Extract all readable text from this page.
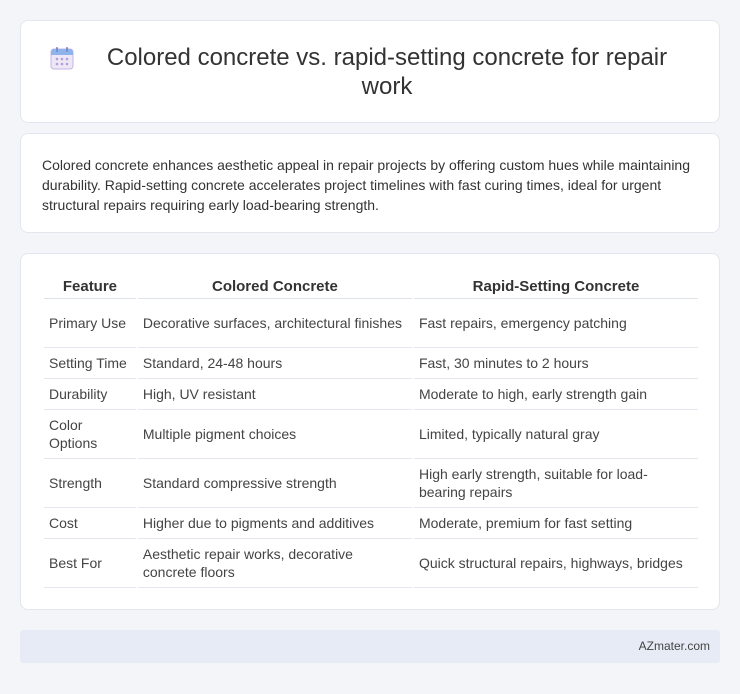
Colored concrete vs. rapid-setting concrete for repair work

Colored concrete enhances aesthetic appeal in repair projects by offering custom hues while maintaining durability. Rapid-setting concrete accelerates project timelines with fast curing times, ideal for urgent structural repairs requiring early load-bearing strength.

Feature	Colored Concrete	Rapid-Setting Concrete
Primary Use	Decorative surfaces, architectural finishes	Fast repairs, emergency patching
Setting Time	Standard, 24-48 hours	Fast, 30 minutes to 2 hours
Durability	High, UV resistant	Moderate to high, early strength gain
Color Options	Multiple pigment choices	Limited, typically natural gray
Strength	Standard compressive strength	High early strength, suitable for load-bearing repairs
Cost	Higher due to pigments and additives	Moderate, premium for fast setting
Best For	Aesthetic repair works, decorative concrete floors	Quick structural repairs, highways, bridges
AZmater.com
